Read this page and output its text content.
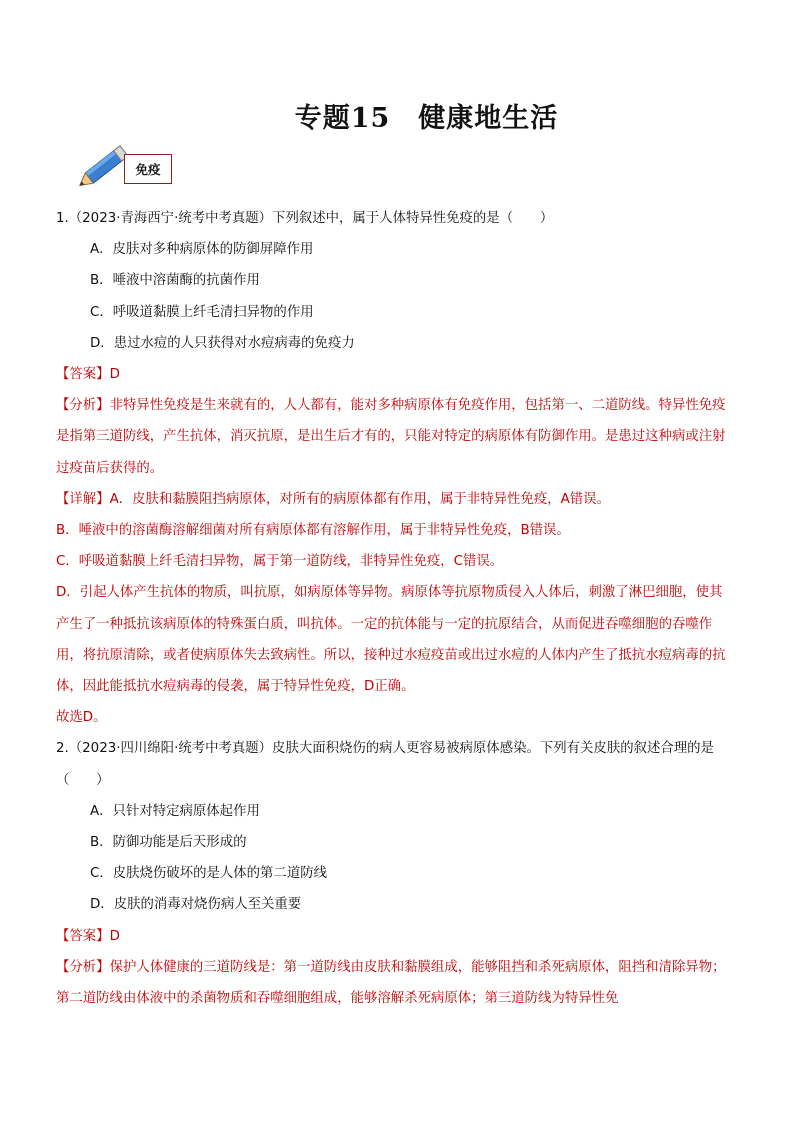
专题15　健康地生活
免疫
1.（2023·青海西宁·统考中考真题）下列叙述中，属于人体特异性免疫的是（　　）
A．皮肤对多种病原体的防御屏障作用
B．唾液中溶菌酶的抗菌作用
C．呼吸道黏膜上纤毛清扫异物的作用
D．患过水痘的人只获得对水痘病毒的免疫力
【答案】D
【分析】非特异性免疫是生来就有的，人人都有，能对多种病原体有免疫作用，包括第一、二道防线。特异性免疫是指第三道防线，产生抗体，消灭抗原，是出生后才有的，只能对特定的病原体有防御作用。是患过这种病或注射过疫苗后获得的。
【详解】A．皮肤和黏膜阻挡病原体，对所有的病原体都有作用，属于非特异性免疫，A错误。
B．唾液中的溶菌酶溶解细菌对所有病原体都有溶解作用，属于非特异性免疫，B错误。
C．呼吸道黏膜上纤毛清扫异物，属于第一道防线，非特异性免疫，C错误。
D．引起人体产生抗体的物质，叫抗原，如病原体等异物。病原体等抗原物质侵入人体后，刺激了淋巴细胞，使其产生了一种抵抗该病原体的特殊蛋白质，叫抗体。一定的抗体能与一定的抗原结合，从而促进吞噬细胞的吞噬作用，将抗原清除，或者使病原体失去致病性。所以，接种过水痘疫苗或出过水痘的人体内产生了抵抗水痘病毒的抗体，因此能抵抗水痘病毒的侵袭，属于特异性免疫，D正确。
故选D。
2.（2023·四川绵阳·统考中考真题）皮肤大面积烧伤的病人更容易被病原体感染。下列有关皮肤的叙述合理的是（　　）
A．只针对特定病原体起作用
B．防御功能是后天形成的
C．皮肤烧伤破坏的是人体的第二道防线
D．皮肤的消毒对烧伤病人至关重要
【答案】D
【分析】保护人体健康的三道防线是：第一道防线由皮肤和黏膜组成，能够阻挡和杀死病原体，阻挡和清除异物；第二道防线由体液中的杀菌物质和吞噬细胞组成，能够溶解杀死病原体；第三道防线为特异性免
